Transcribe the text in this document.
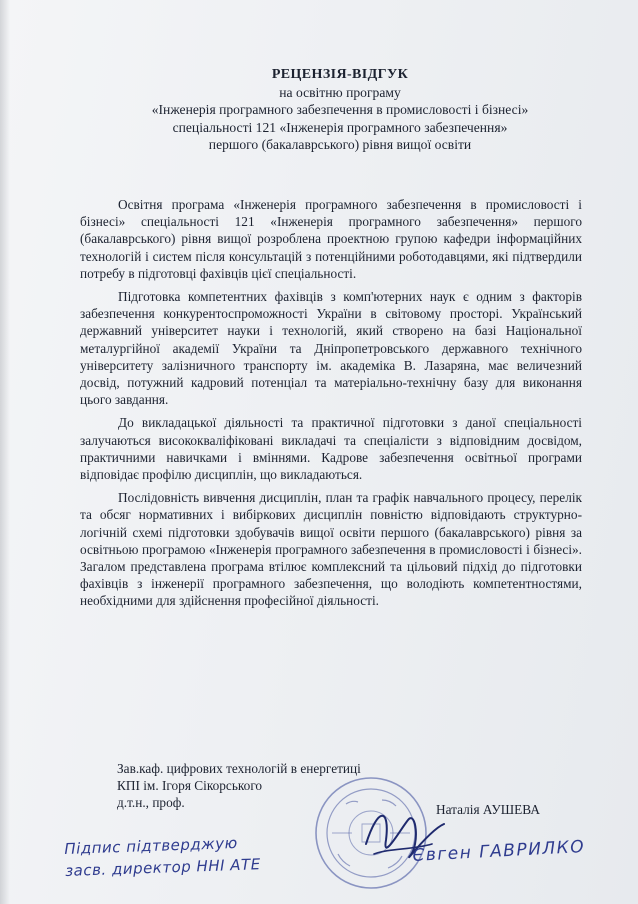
РЕЦЕНЗІЯ-ВІДГУК
на освітню програму
«Інженерія програмного забезпечення в промисловості і бізнесі»
спеціальності 121 «Інженерія програмного забезпечення»
першого (бакалаврського) рівня вищої освіти

Освітня програма «Інженерія програмного забезпечення в промисловості і бізнесі» спеціальності 121 «Інженерія програмного забезпечення» першого (бакалаврського) рівня вищої розроблена проектною групою кафедри інформаційних технологій і систем після консультацій з потенційними роботодавцями, які підтвердили потребу в підготовці фахівців цієї спеціальності.

Підготовка компетентних фахівців з комп'ютерних наук є одним з факторів забезпечення конкурентоспроможності України в світовому просторі. Український державний університет науки і технологій, який створено на базі Національної металургійної академії України та Дніпропетровського державного технічного університету залізничного транспорту ім. академіка В. Лазаряна, має величезний досвід, потужний кадровий потенціал та матеріально-технічну базу для виконання цього завдання.

До викладацької діяльності та практичної підготовки з даної спеціальності залучаються висококваліфіковані викладачі та спеціалісти з відповідним досвідом, практичними навичками і вміннями. Кадрове забезпечення освітньої програми відповідає профілю дисциплін, що викладаються.

Послідовність вивчення дисциплін, план та графік навчального процесу, перелік та обсяг нормативних і вибіркових дисциплін повністю відповідають структурно-логічній схемі підготовки здобувачів вищої освіти першого (бакалаврського) рівня за освітньою програмою «Інженерія програмного забезпечення в промисловості і бізнесі». Загалом представлена програма втілює комплексний та цільовий підхід до підготовки фахівців з інженерії програмного забезпечення, що володіють компетентностями, необхідними для здійснення професійної діяльності.

Зав.каф. цифрових технологій в енергетиці
КПІ ім. Ігоря Сікорського
д.т.н., проф.	Наталія АУШЕВА
Підпис підтверджую
засв. директор ННІ АТЕ
Євген ГАВРИЛКО
